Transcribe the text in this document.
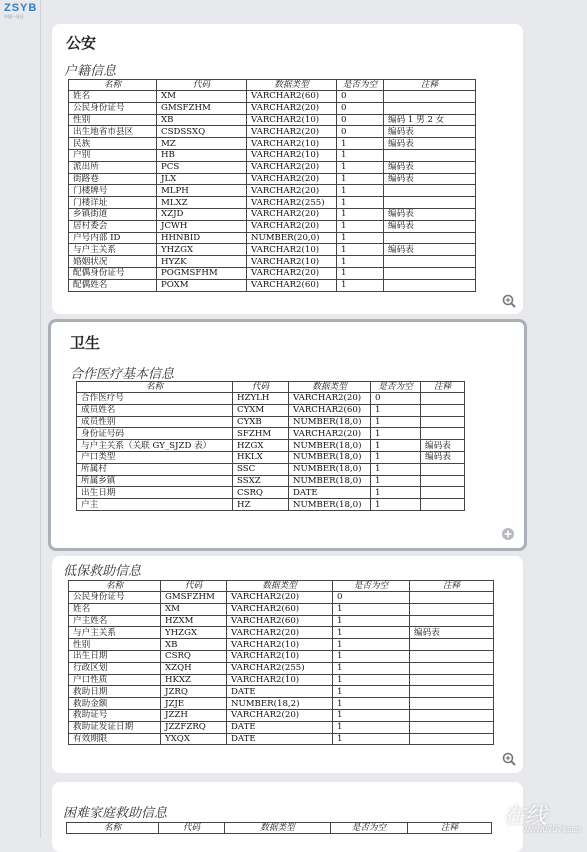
ZSYB
中国一社区
公安
户籍信息
名称	代码	数据类型	是否为空	注释
姓名	XM	VARCHAR2(60)	0	
公民身份证号	GMSFZHM	VARCHAR2(20)	0	
性别	XB	VARCHAR2(10)	0	编码 1 男 2 女
出生地省市县区	CSDSSXQ	VARCHAR2(20)	0	编码表
民族	MZ	VARCHAR2(10)	1	编码表
户别	HB	VARCHAR2(10)	1	
派出所	PCS	VARCHAR2(20)	1	编码表
街路巷	JLX	VARCHAR2(20)	1	编码表
门楼牌号	MLPH	VARCHAR2(20)	1	
门楼详址	MLXZ	VARCHAR2(255)	1	
乡镇街道	XZJD	VARCHAR2(20)	1	编码表
居村委会	JCWH	VARCHAR2(20)	1	编码表
户号内部 ID	HHNBID	NUMBER(20,0)	1	
与户主关系	YHZGX	VARCHAR2(10)	1	编码表
婚姻状况	HYZK	VARCHAR2(10)	1	
配偶身份证号	POGMSFHM	VARCHAR2(20)	1	
配偶姓名	POXM	VARCHAR2(60)	1	
卫生
合作医疗基本信息
名称	代码	数据类型	是否为空	注释
合作医疗号	HZYLH	VARCHAR2(20)	0	
成员姓名	CYXM	VARCHAR2(60)	1	
成员性别	CYXB	NUMBER(18,0)	1	
身份证号码	SFZHM	VARCHAR2(20)	1	
与户主关系（关联 GY_SJZD 表）	HZGX	NUMBER(18,0)	1	编码表
户口类型	HKLX	NUMBER(18,0)	1	编码表
所属村	SSC	NUMBER(18,0)	1	
所属乡镇	SSXZ	NUMBER(18,0)	1	
出生日期	CSRQ	DATE	1	
户主	HZ	NUMBER(18,0)	1	
低保救助信息
名称	代码	数据类型	是否为空	注释
公民身份证号	GMSFZHM	VARCHAR2(20)	0	
姓名	XM	VARCHAR2(60)	1	
户主姓名	HZXM	VARCHAR2(60)	1	
与户主关系	YHZGX	VARCHAR2(20)	1	编码表
性别	XB	VARCHAR2(10)	1	
出生日期	CSRQ	VARCHAR2(10)	1	
行政区划	XZQH	VARCHAR2(255)	1	
户口性质	HKXZ	VARCHAR2(10)	1	
救助日期	JZRQ	DATE	1	
救助金额	JZJE	NUMBER(18,2)	1	
救助证号	JZZH	VARCHAR2(20)	1	
救助证发证日期	JZZFZRQ	DATE	1	
有效期限	YXQX	DATE	1	
困难家庭救助信息
名称	代码	数据类型	是否为空	注释 在线
www0757sscn
